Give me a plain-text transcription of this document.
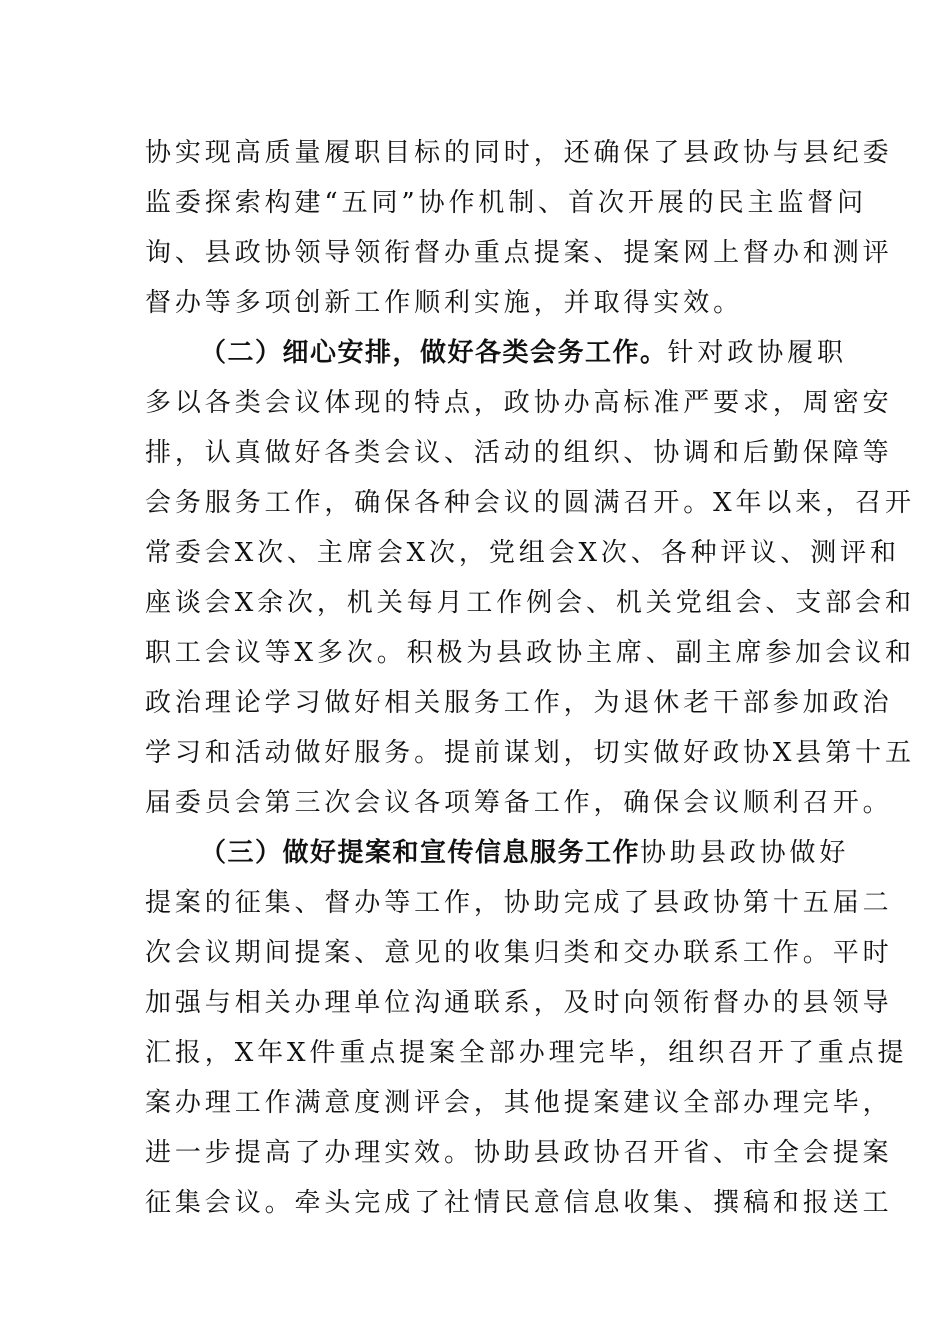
协实现高质量履职目标的同时，还确保了县政协与县纪委
监委探索构建“五同”协作机制、首次开展的民主监督问
询、县政协领导领衔督办重点提案、提案网上督办和测评
督办等多项创新工作顺利实施，并取得实效。
（二）细心安排，做好各类会务工作。针对政协履职
多以各类会议体现的特点，政协办高标准严要求，周密安
排，认真做好各类会议、活动的组织、协调和后勤保障等
会务服务工作，确保各种会议的圆满召开。X年以来，召开
常委会X次、主席会X次，党组会X次、各种评议、测评和
座谈会X余次，机关每月工作例会、机关党组会、支部会和
职工会议等X多次。积极为县政协主席、副主席参加会议和
政治理论学习做好相关服务工作，为退休老干部参加政治
学习和活动做好服务。提前谋划，切实做好政协X县第十五
届委员会第三次会议各项筹备工作，确保会议顺利召开。
（三）做好提案和宣传信息服务工作协助县政协做好
提案的征集、督办等工作，协助完成了县政协第十五届二
次会议期间提案、意见的收集归类和交办联系工作。平时
加强与相关办理单位沟通联系，及时向领衔督办的县领导
汇报，X年X件重点提案全部办理完毕，组织召开了重点提
案办理工作满意度测评会，其他提案建议全部办理完毕，
进一步提高了办理实效。协助县政协召开省、市全会提案
征集会议。牵头完成了社情民意信息收集、撰稿和报送工
